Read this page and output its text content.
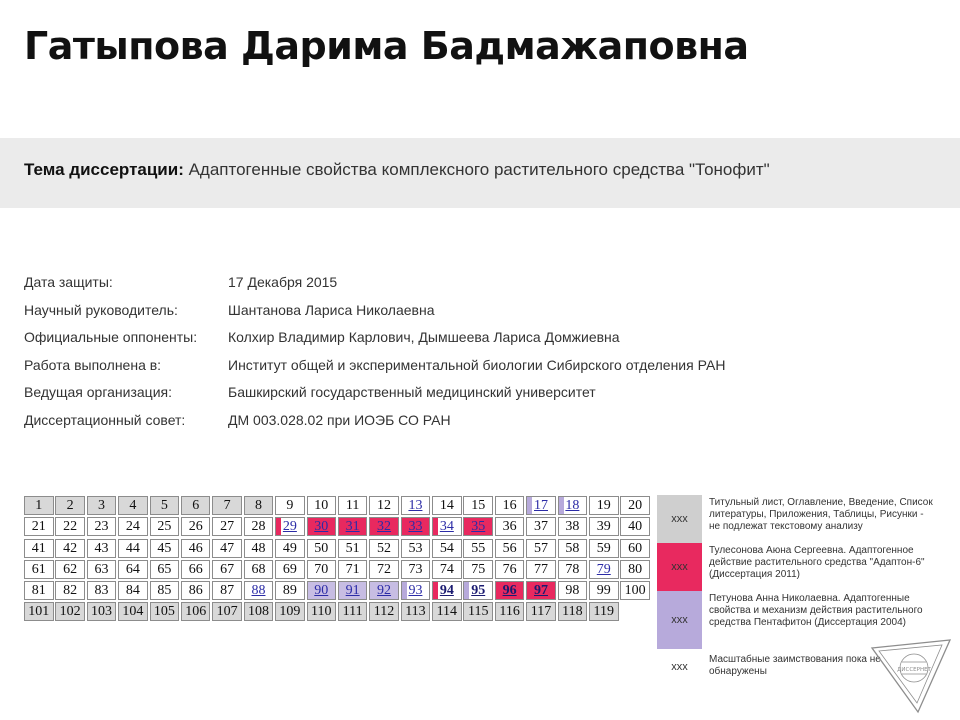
Гатыпова Дарима Бадмажаповна
Тема диссертации: Адаптогенные свойства комплексного растительного средства "Тонофит"
Дата защиты:	17 Декабря 2015
Научный руководитель:	Шантанова Лариса Николаевна
Официальные оппоненты: Колхир Владимир Карлович, Дымшеева Лариса Домжиевна
Работа выполнена в:	Институт общей и экспериментальной биологии Сибирского отделения РАН
Ведущая организация:	Башкирский государственный медицинский университет
Диссертационный совет:	ДМ 003.028.02 при ИОЭБ СО РАН
1	2	3	4	5	6	7	8	9	10	11	12	13	14	15	16	17	18	19	20
21	22	23	24	25	26	27	28	29	30	31	32	33	34	35	36	37	38	39	40
41	42	43	44	45	46	47	48	49	50	51	52	53	54	55	56	57	58	59	60
61	62	63	64	65	66	67	68	69	70	71	72	73	74	75	76	77	78	79	80
81	82	83	84	85	86	87	88	89	90	91	92	93	94	95	96	97	98	99 100
101 102 103 104 105 106 107 108 109 110 111 112 113 114 115 116 117 118 119
xxx
Титульный лист, Оглавление, Введение, Список литературы, Приложения, Таблицы, Рисунки - не подлежат текстовому анализу
xxx
Тулесонова Аюна Сергеевна. Адаптогенное действие растительного средства "Адаптон-6" (Диссертация 2011)
xxx
Петунова Анна Николаевна. Адаптогенные свойства и механизм действия растительного средства Пентафитон (Диссертация 2004)
xxx
Масштабные заимствования пока не обнаружены	ДИССЕРНЕТ
